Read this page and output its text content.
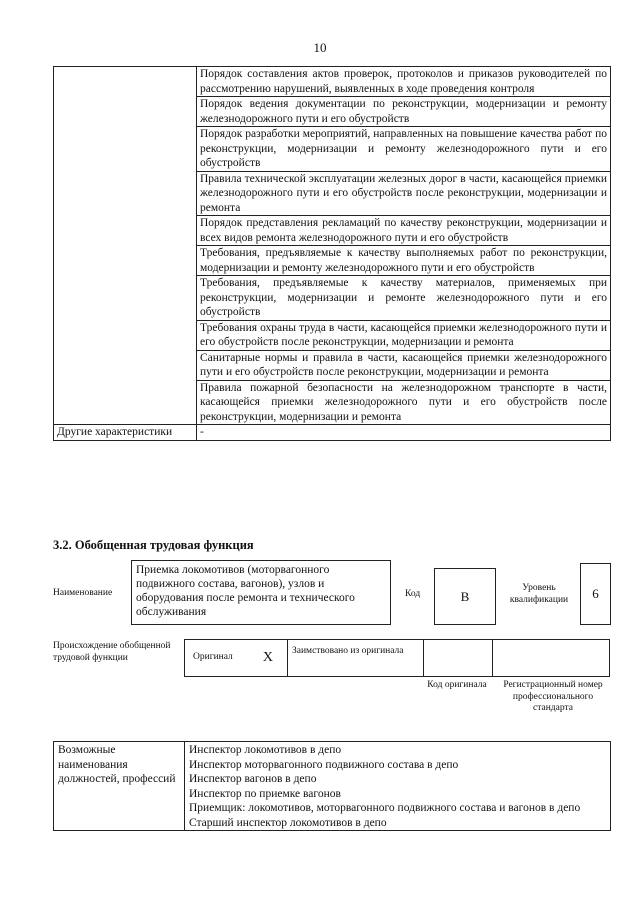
10
	Порядок составления актов проверок, протоколов и приказов руководителей по рассмотрению нарушений, выявленных в ходе проведения контроля
	Порядок ведения документации по реконструкции, модернизации и ремонту железнодорожного пути и его обустройств
	Порядок разработки мероприятий, направленных на повышение качества работ по реконструкции, модернизации и ремонту железнодорожного пути и его обустройств
	Правила технической эксплуатации железных дорог в части, касающейся приемки железнодорожного пути и его обустройств после реконструкции, модернизации и ремонта
	Порядок представления рекламаций по качеству реконструкции, модернизации и всех видов ремонта железнодорожного пути и его обустройств
	Требования, предъявляемые к качеству выполняемых работ по реконструкции, модернизации и ремонту железнодорожного пути и его обустройств
	Требования, предъявляемые к качеству материалов, применяемых при реконструкции, модернизации и ремонте железнодорожного пути и его обустройств
	Требования охраны труда в части, касающейся приемки железнодорожного пути и его обустройств после реконструкции, модернизации и ремонта
	Санитарные нормы и правила в части, касающейся приемки железнодорожного пути и его обустройств после реконструкции, модернизации и ремонта
	Правила пожарной безопасности на железнодорожном транспорте в части, касающейся приемки железнодорожного пути и его обустройств после реконструкции, модернизации и ремонта
Другие характеристики	-
3.2. Обобщенная трудовая функция
Наименование
Приемка локомотивов (моторвагонного подвижного состава, вагонов), узлов и оборудования после ремонта и технического обслуживания
Код	B
Уровень квалификации	6
Происхождение обобщенной трудовой функции	Оригинал X	Заимствовано из оригинала
Код оригинала	Регистрационный номер профессионального стандарта
Возможные наименования должностей, профессий	
Инспектор локомотивов в депо
Инспектор моторвагонного подвижного состава в депо
Инспектор вагонов в депо
Инспектор по приемке вагонов
Приемщик: локомотивов, моторвагонного подвижного состава и вагонов в депо
Старший инспектор локомотивов в депо
